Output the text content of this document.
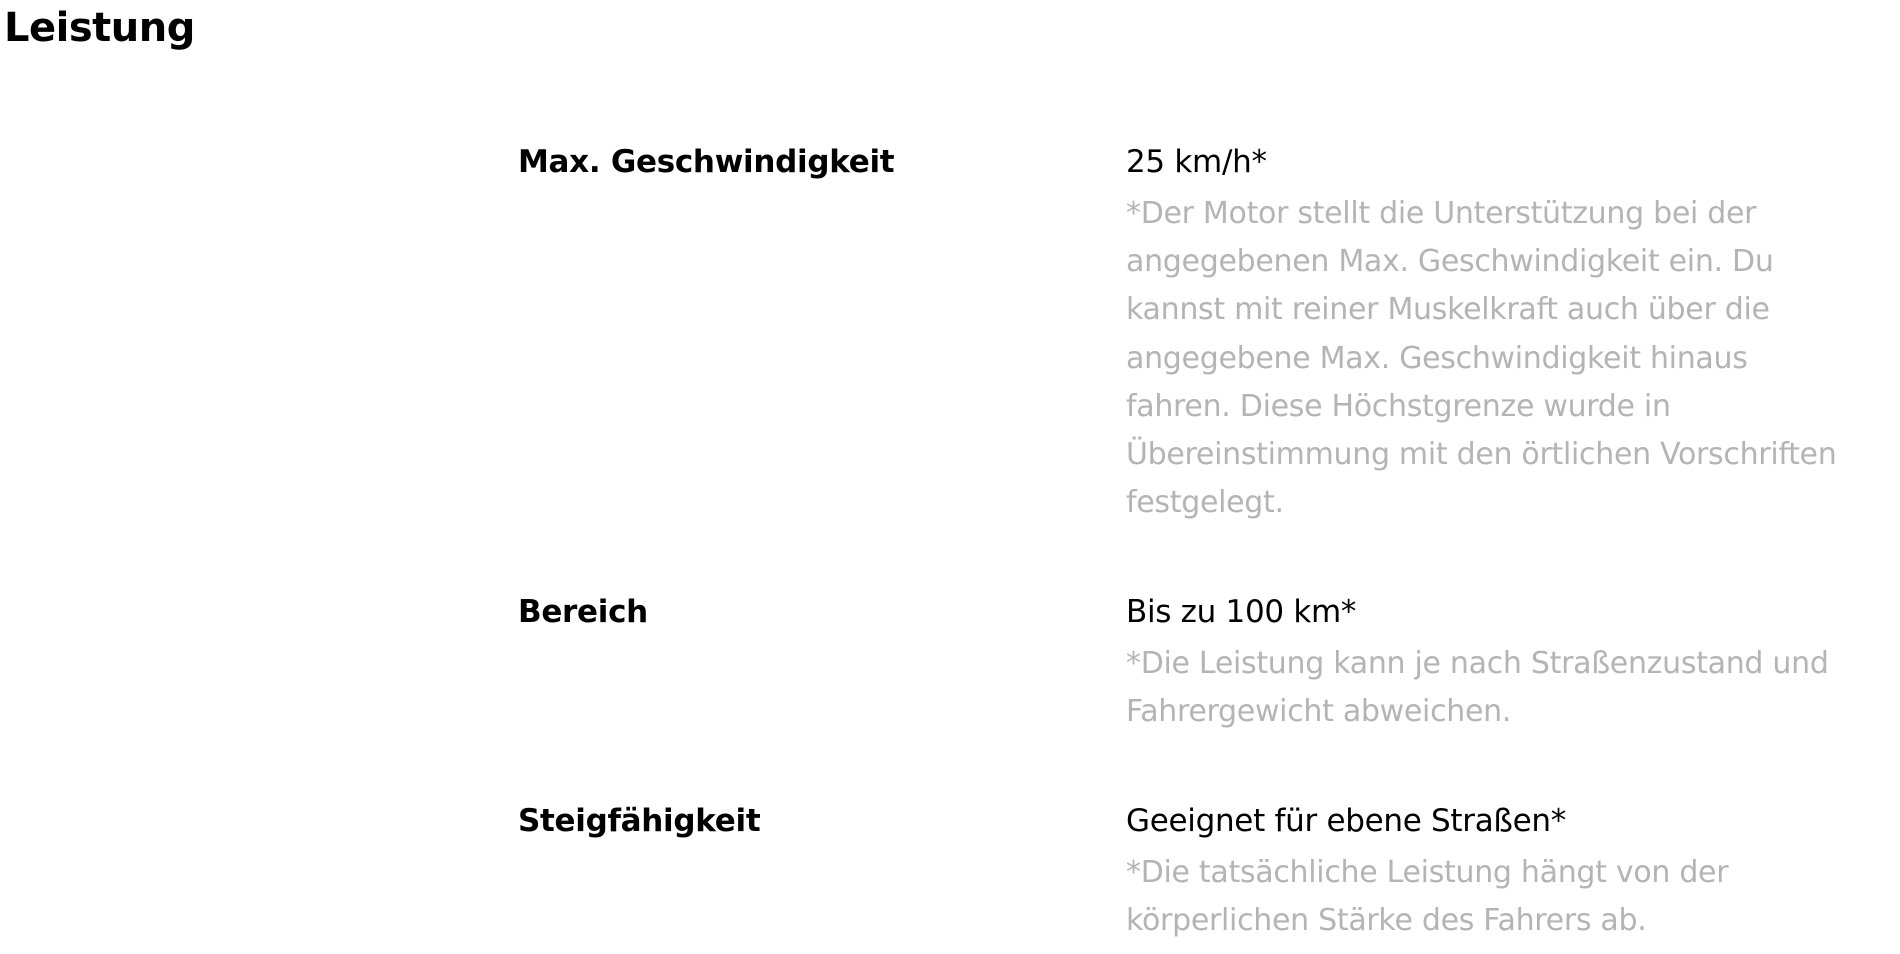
Leistung
Max. Geschwindigkeit	25 km/h*
*Der Motor stellt die Unterstützung bei der
angegebenen Max. Geschwindigkeit ein. Du
kannst mit reiner Muskelkraft auch über die
angegebene Max. Geschwindigkeit hinaus
fahren. Diese Höchstgrenze wurde in
Übereinstimmung mit den örtlichen Vorschriften
festgelegt.
Bereich	Bis zu 100 km*
*Die Leistung kann je nach Straßenzustand und
Fahrergewicht abweichen.
Steigfähigkeit	Geeignet für ebene Straßen*
*Die tatsächliche Leistung hängt von der
körperlichen Stärke des Fahrers ab.
